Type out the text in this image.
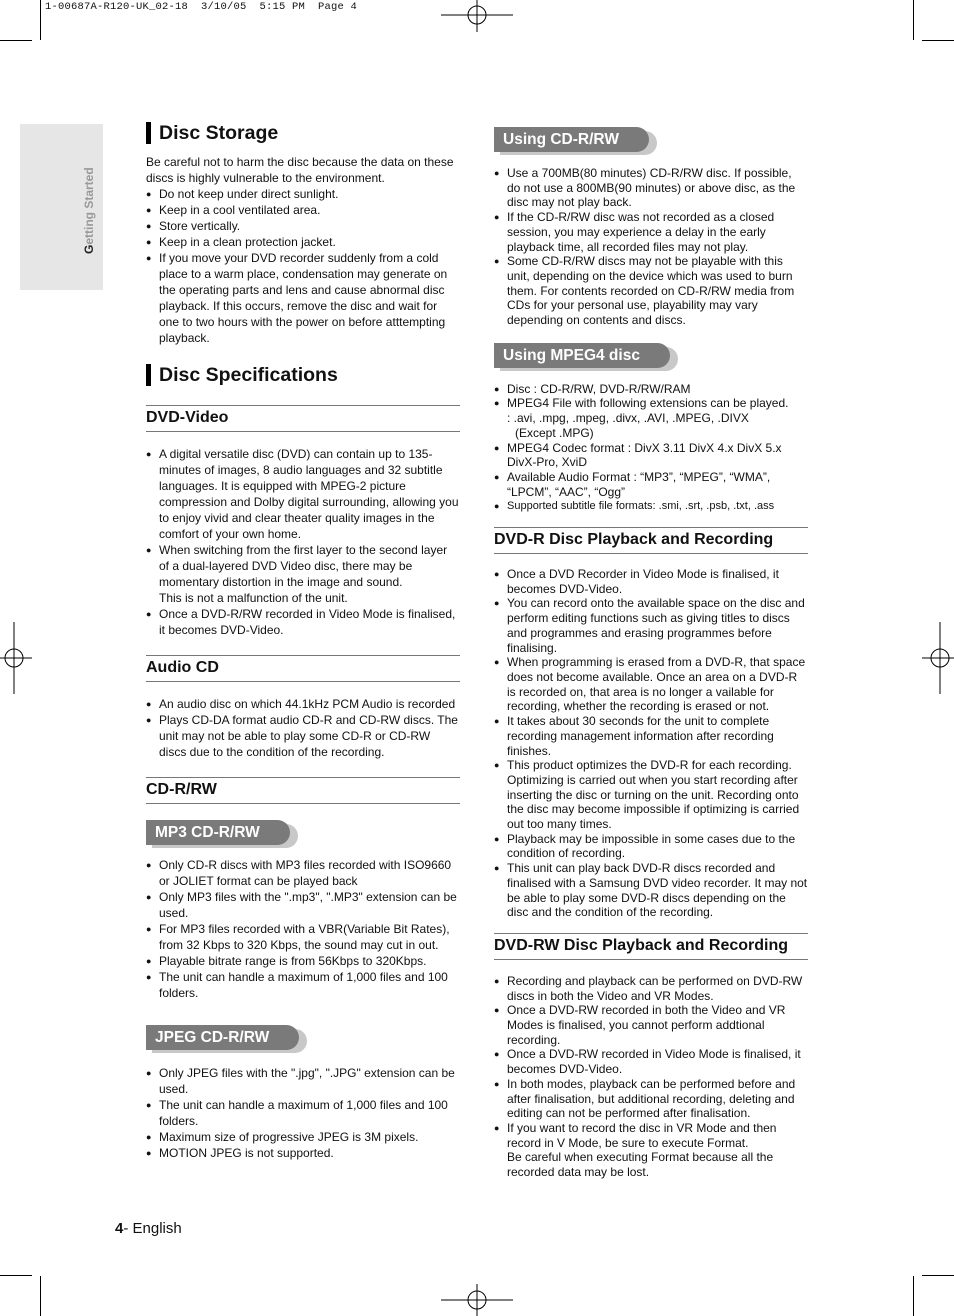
1-00687A-R120-UK_02-18  3/10/05  5:15 PM  Page 4
Getting Started
Disc Storage

Be careful not to harm the disc because the data on these discs is highly vulnerable to the environment.

● Do not keep under direct sunlight.
● Keep in a cool ventilated area.
● Store vertically.
● Keep in a clean protection jacket.
● If you move your DVD recorder suddenly from a cold place to a warm place, condensation may generate on the operating parts and lens and cause abnormal disc playback. If this occurs, remove the disc and wait for one to two hours with the power on before atttempting playback.
Disc Specifications
DVD-Video
● A digital versatile disc (DVD) can contain up to 135-minutes of images, 8 audio languages and 32 subtitle languages. It is equipped with MPEG-2 picture compression and Dolby digital surrounding, allowing you to enjoy vivid and clear theater quality images in the comfort of your own home.
● When switching from the first layer to the second layer of a dual-layered DVD Video disc, there may be momentary distortion in the image and sound.
This is not a malfunction of the unit.
● Once a DVD-R/RW recorded in Video Mode is finalised, it becomes DVD-Video.
Audio CD
● An audio disc on which 44.1kHz PCM Audio is recorded
● Plays CD-DA format audio CD-R and CD-RW discs. The unit may not be able to play some CD-R or CD-RW discs due to the condition of the recording.
CD-R/RW
MP3 CD-R/RW
● Only CD-R discs with MP3 files recorded with ISO9660 or JOLIET format can be played back
● Only MP3 files with the ".mp3", ".MP3" extension can be used.
● For MP3 files recorded with a VBR(Variable Bit Rates), from 32 Kbps to 320 Kbps, the sound may cut in out.
● Playable bitrate range is from 56Kbps to 320Kbps.
● The unit can handle a maximum of 1,000 files and 100 folders.
JPEG CD-R/RW
● Only JPEG files with the ".jpg", ".JPG" extension can be used.
● The unit can handle a maximum of 1,000 files and 100 folders.
● Maximum size of progressive JPEG is 3M pixels.
● MOTION JPEG is not supported.
Using CD-R/RW
● Use a 700MB(80 minutes) CD-R/RW disc. If possible, do not use a 800MB(90 minutes) or above disc, as the disc may not play back.
● If the CD-R/RW disc was not recorded as a closed session, you may experience a delay in the early playback time, all recorded files may not play.
● Some CD-R/RW discs may not be playable with this unit, depending on the device which was used to burn them. For contents recorded on CD-R/RW media from CDs for your personal use, playability may vary depending on contents and discs.
Using MPEG4 disc
● Disc : CD-R/RW, DVD-R/RW/RAM
● MPEG4 File with following extensions can be played.
: .avi, .mpg, .mpeg, .divx, .AVI, .MPEG, .DIVX
(Except .MPG)
● MPEG4 Codec format : DivX 3.11 DivX 4.x DivX 5.x DivX-Pro, XviD
● Available Audio Format : “MP3”, “MPEG”, “WMA”, “LPCM”, “AAC”, “Ogg”
● Supported subtitle file formats: .smi, .srt, .psb, .txt, .ass
DVD-R Disc Playback and Recording
● Once a DVD Recorder in Video Mode is finalised, it becomes DVD-Video.
● You can record onto the available space on the disc and perform editing functions such as giving titles to discs and programmes and erasing programmes before finalising.
● When programming is erased from a DVD-R, that space does not become available. Once an area on a DVD-R is recorded on, that area is no longer a vailable for recording, whether the recording is erased or not.
● It takes about 30 seconds for the unit to complete recording management information after recording finishes.
● This product optimizes the DVD-R for each recording. Optimizing is carried out when you start recording after inserting the disc or turning on the unit. Recording onto the disc may become impossible if optimizing is carried out too many times.
● Playback may be impossible in some cases due to the condition of recording.
● This unit can play back DVD-R discs recorded and finalised with a Samsung DVD video recorder. It may not be able to play some DVD-R discs depending on the disc and the condition of the recording.
DVD-RW Disc Playback and Recording
● Recording and playback can be performed on DVD-RW discs in both the Video and VR Modes.
● Once a DVD-RW recorded in both the Video and VR Modes is finalised, you cannot perform addtional recording.
● Once a DVD-RW recorded in Video Mode is finalised, it becomes DVD-Video.
● In both modes, playback can be performed before and after finalisation, but additional recording, deleting and editing can not be performed after finalisation.
● If you want to record the disc in VR Mode and then record in V Mode, be sure to execute Format.
Be careful when executing Format because all the recorded data may be lost.
4- English
